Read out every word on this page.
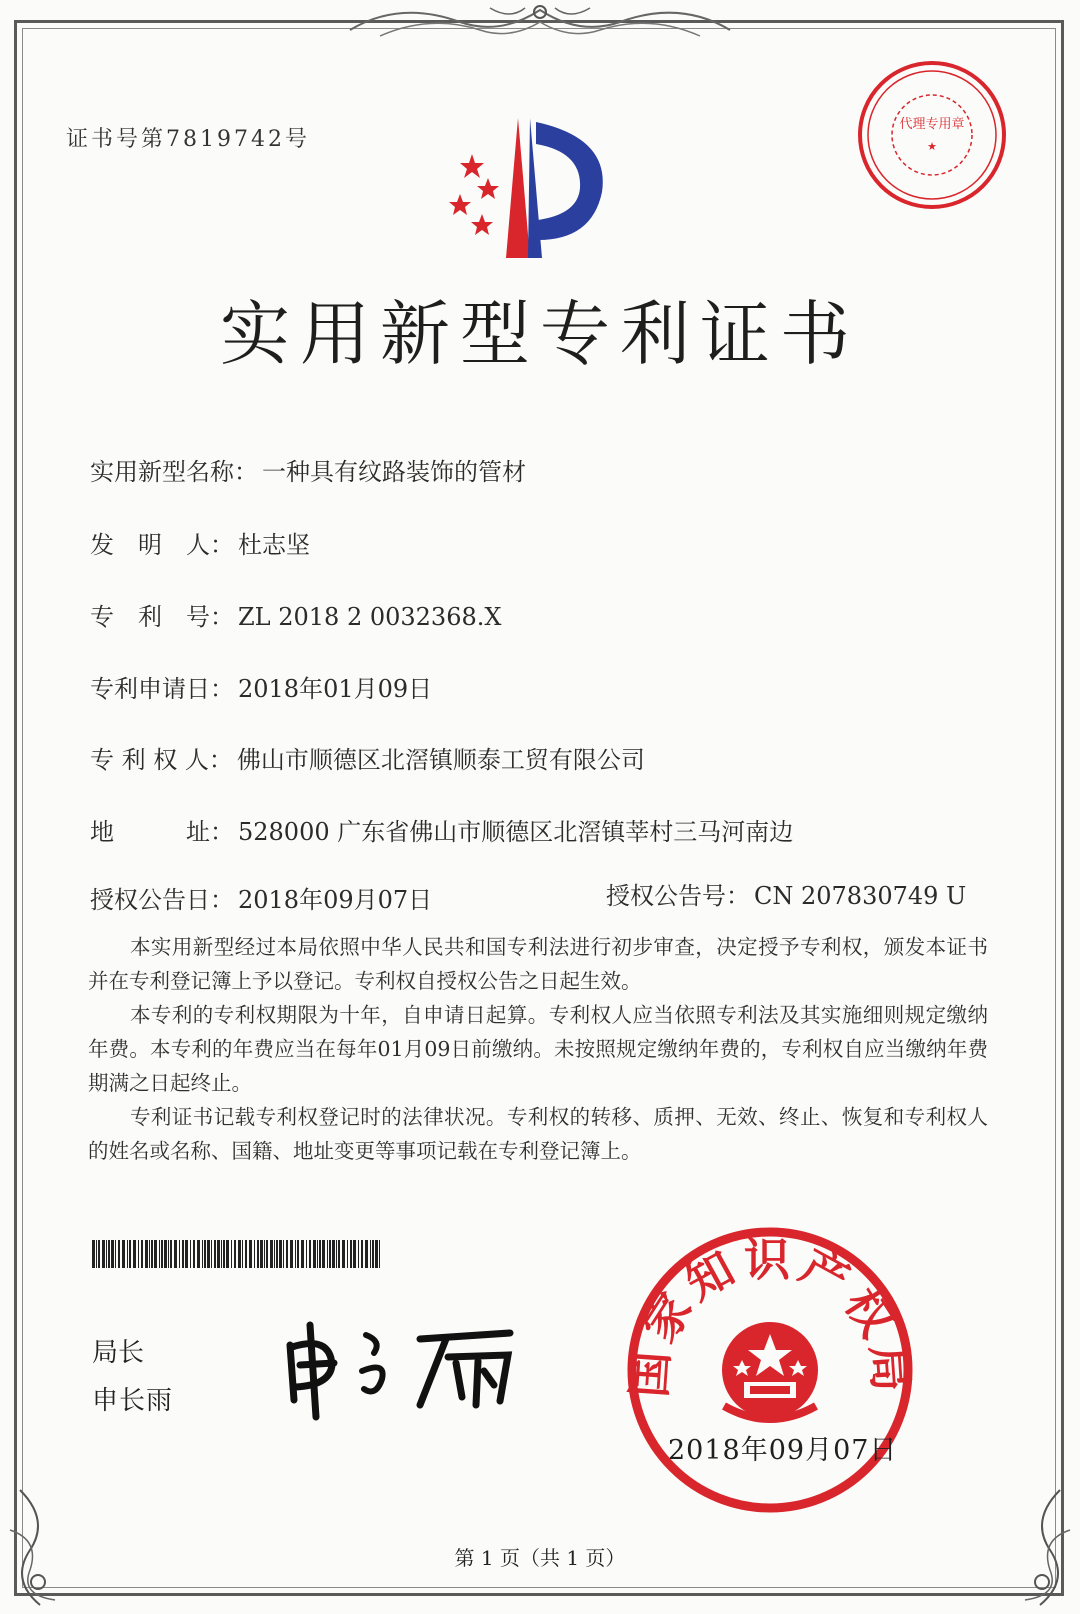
证书号第7819742号
代理专用章
★
实用新型专利证书
实用新型名称： 一种具有纹路装饰的管材
发　明　人： 杜志坚
专　利　号： ZL 2018 2 0032368.X
专利申请日： 2018年01月09日
专 利 权 人： 佛山市顺德区北滘镇顺泰工贸有限公司
地　　　址： 528000 广东省佛山市顺德区北滘镇莘村三马河南边
授权公告日： 2018年09月07日	授权公告号： CN 207830749 U

本实用新型经过本局依照中华人民共和国专利法进行初步审查，决定授予专利权，颁发本证书并在专利登记簿上予以登记。专利权自授权公告之日起生效。

本专利的专利权期限为十年，自申请日起算。专利权人应当依照专利法及其实施细则规定缴纳年费。本专利的年费应当在每年01月09日前缴纳。未按照规定缴纳年费的，专利权自应当缴纳年费期满之日起终止。

专利证书记载专利权登记时的法律状况。专利权的转移、质押、无效、终止、恢复和专利权人的姓名或名称、国籍、地址变更等事项记载在专利登记簿上。

局长
申长雨
国家知识产权局
2018年09月07日
第 1 页（共 1 页）
